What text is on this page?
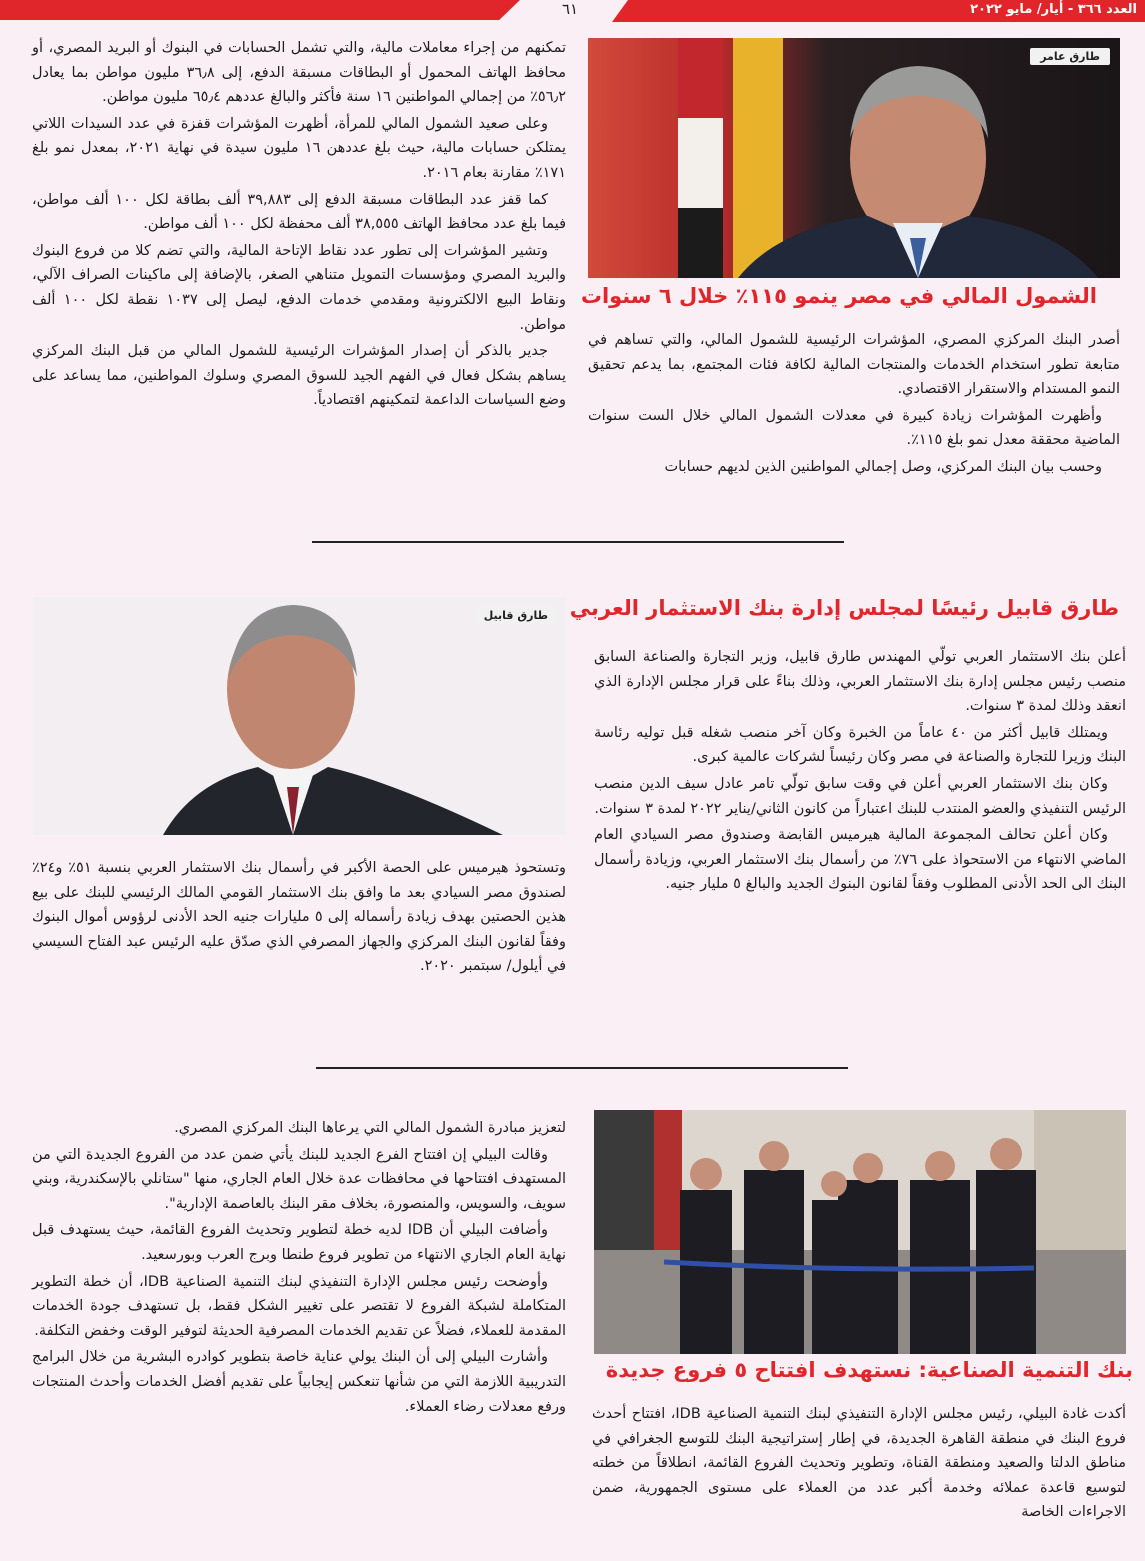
العدد ٣٦٦ - أيار/ مايو ٢٠٢٢
٦١
طارق عامر
الشمول المالي في مصر ينمو ١١٥٪ خلال ٦ سنوات

أصدر البنك المركزي المصري، المؤشرات الرئيسية للشمول المالي، والتي تساهم في متابعة تطور استخدام الخدمات والمنتجات المالية لكافة فئات المجتمع، بما يدعم تحقيق النمو المستدام والاستقرار الاقتصادي.

وأظهرت المؤشرات زيادة كبيرة في معدلات الشمول المالي خلال الست سنوات الماضية محققة معدل نمو بلغ ١١٥٪.

وحسب بيان البنك المركزي، وصل إجمالي المواطنين الذين لديهم حسابات

تمكنهم من إجراء معاملات مالية، والتي تشمل الحسابات في البنوك أو البريد المصري، أو محافظ الهاتف المحمول أو البطاقات مسبقة الدفع، إلى ٣٦٫٨ مليون مواطن بما يعادل ٥٦٫٢٪ من إجمالي المواطنين ١٦ سنة فأكثر والبالغ عددهم ٦٥٫٤ مليون مواطن.

وعلى صعيد الشمول المالي للمرأة، أظهرت المؤشرات قفزة في عدد السيدات اللاتي يمتلكن حسابات مالية، حيث بلغ عددهن ١٦ مليون سيدة في نهاية ٢٠٢١، بمعدل نمو بلغ ١٧١٪ مقارنة بعام ٢٠١٦.

كما قفز عدد البطاقات مسبقة الدفع إلى ٣٩,٨٨٣ ألف بطاقة لكل ١٠٠ ألف مواطن، فيما بلغ عدد محافظ الهاتف ٣٨,٥٥٥ ألف محفظة لكل ١٠٠ ألف مواطن.

وتشير المؤشرات إلى تطور عدد نقاط الإتاحة المالية، والتي تضم كلا من فروع البنوك والبريد المصري ومؤسسات التمويل متناهي الصغر، بالإضافة إلى ماكينات الصراف الآلي، ونقاط البيع الالكترونية ومقدمي خدمات الدفع، ليصل إلى ١٠٣٧ نقطة لكل ١٠٠ ألف مواطن.

جدير بالذكر أن إصدار المؤشرات الرئيسية للشمول المالي من قبل البنك المركزي يساهم بشكل فعال في الفهم الجيد للسوق المصري وسلوك المواطنين، مما يساعد على وضع السياسات الداعمة لتمكينهم اقتصادياً.

طارق قابيل	طارق قابيل رئيسًا لمجلس إدارة بنك الاستثمار العربي

أعلن بنك الاستثمار العربي تولّي المهندس طارق قابيل، وزير التجارة والصناعة السابق منصب رئيس مجلس إدارة بنك الاستثمار العربي، وذلك بناءً على قرار مجلس الإدارة الذي انعقد وذلك لمدة ٣ سنوات.

ويمتلك قابيل أكثر من ٤٠ عاماً من الخبرة وكان آخر منصب شغله قبل توليه رئاسة البنك وزيرا للتجارة والصناعة في مصر وكان رئيساً لشركات عالمية كبرى.

وكان بنك الاستثمار العربي أعلن في وقت سابق تولّي تامر عادل سيف الدين منصب الرئيس التنفيذي والعضو المنتدب للبنك اعتباراً من كانون الثاني/يناير ٢٠٢٢ لمدة ٣ سنوات.

وكان أعلن تحالف المجموعة المالية هيرميس القابضة وصندوق مصر السيادي العام الماضي الانتهاء من الاستحواذ على ٧٦٪ من رأسمال بنك الاستثمار العربي، وزيادة رأسمال البنك الى الحد الأدنى المطلوب وفقاً لقانون البنوك الجديد والبالغ ٥ مليار جنيه.

وتستحوذ هيرميس على الحصة الأكبر في رأسمال بنك الاستثمار العربي بنسبة ٥١٪ و٢٤٪ لصندوق مصر السيادي بعد ما وافق بنك الاستثمار القومي المالك الرئيسي للبنك على بيع هذين الحصتين بهدف زيادة رأسماله إلى ٥ مليارات جنيه الحد الأدنى لرؤوس أموال البنوك وفقاً لقانون البنك المركزي والجهاز المصرفي الذي صدّق عليه الرئيس عبد الفتاح السيسي في أيلول/ سبتمبر ٢٠٢٠.

بنك التنمية الصناعية: نستهدف افتتاح ٥ فروع جديدة

أكدت غادة البيلي، رئيس مجلس الإدارة التنفيذي لبنك التنمية الصناعية IDB، افتتاح أحدث فروع البنك في منطقة القاهرة الجديدة، في إطار إستراتيجية البنك للتوسع الجغرافي في مناطق الدلتا والصعيد ومنطقة القناة، وتطوير وتحديث الفروع القائمة، انطلاقاً من خطته لتوسيع قاعدة عملائه وخدمة أكبر عدد من العملاء على مستوى الجمهورية، ضمن الاجراءات الخاصة

لتعزيز مبادرة الشمول المالي التي يرعاها البنك المركزي المصري.

وقالت البيلي إن افتتاح الفرع الجديد للبنك يأتي ضمن عدد من الفروع الجديدة التي من المستهدف افتتاحها في محافظات عدة خلال العام الجاري، منها "ستانلي بالإسكندرية، وبني سويف، والسويس، والمنصورة، بخلاف مقر البنك بالعاصمة الإدارية".

وأضافت البيلي أن IDB لديه خطة لتطوير وتحديث الفروع القائمة، حيث يستهدف قبل نهاية العام الجاري الانتهاء من تطوير فروع طنطا وبرج العرب وبورسعيد.

وأوضحت رئيس مجلس الإدارة التنفيذي لبنك التنمية الصناعية IDB، أن خطة التطوير المتكاملة لشبكة الفروع لا تقتصر على تغيير الشكل فقط، بل تستهدف جودة الخدمات المقدمة للعملاء، فضلاً عن تقديم الخدمات المصرفية الحديثة لتوفير الوقت وخفض التكلفة.

وأشارت البيلي إلى أن البنك يولي عناية خاصة بتطوير كوادره البشرية من خلال البرامج التدريبية اللازمة التي من شأنها تنعكس إيجابياً على تقديم أفضل الخدمات وأحدث المنتجات ورفع معدلات رضاء العملاء.
